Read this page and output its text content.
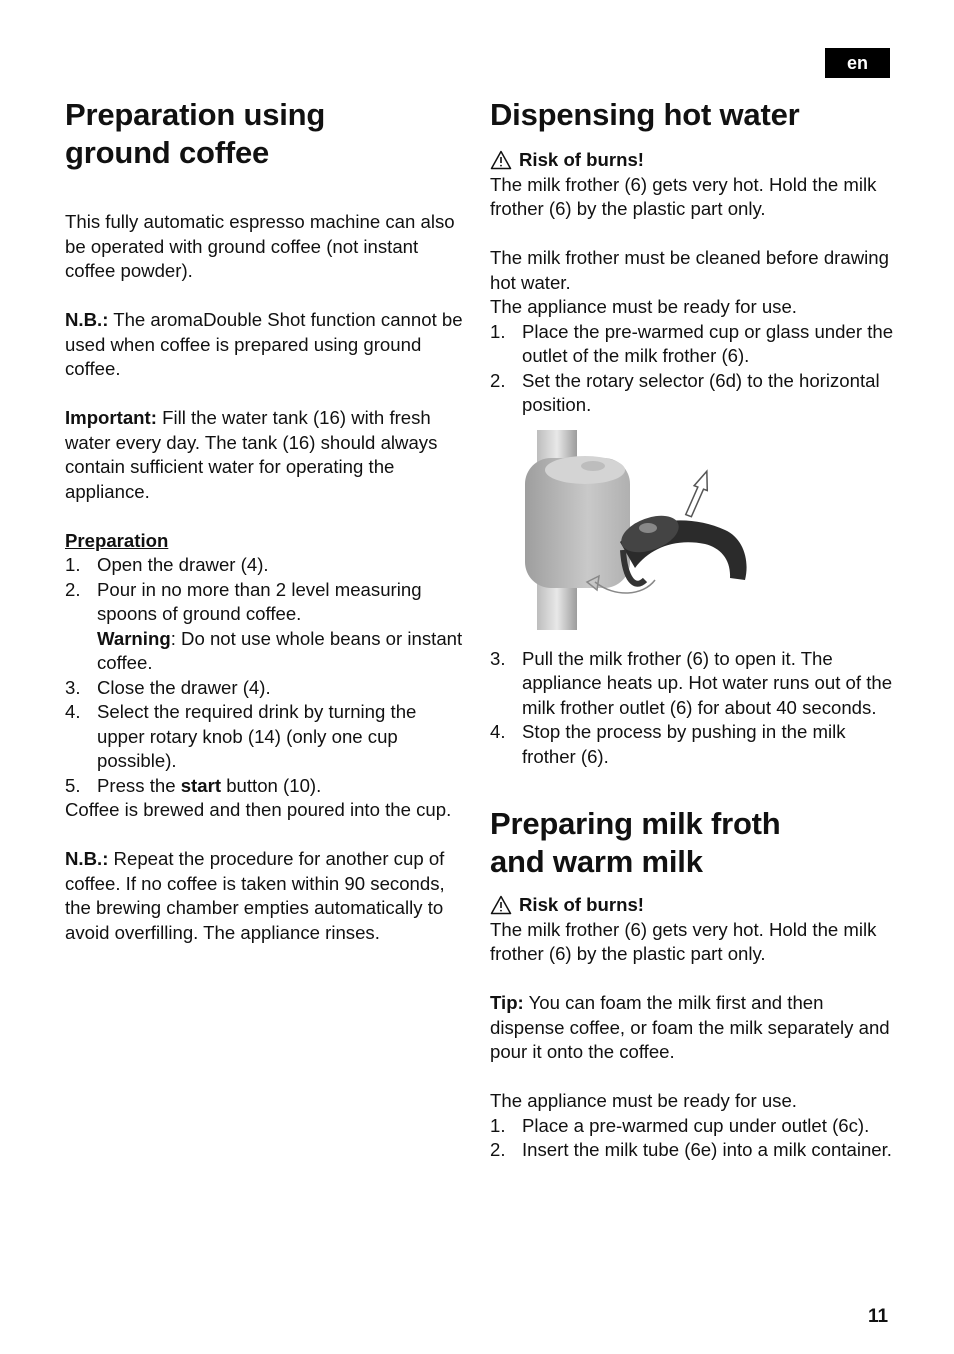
en
Preparation using
ground coffee

This fully automatic espresso machine can also be operated with ground coffee (not instant coffee powder).

N.B.: The aromaDouble Shot function cannot be used when coffee is prepared using ground coffee.

Important: Fill the water tank (16) with fresh water every day. The tank (16) should always contain sufficient water for operating the appliance.

Preparation

1. Open the drawer (4).
2. Pour in no more than 2 level measuring spoons of ground coffee.
Warning: Do not use whole beans or instant coffee.
3. Close the drawer (4).
4. Select the required drink by turning the upper rotary knob (14) (only one cup possible).
5. Press the start button (10).

Coffee is brewed and then poured into the cup.

N.B.: Repeat the procedure for another cup of coffee. If no coffee is taken within 90 seconds, the brewing chamber empties automatically to avoid overfilling. The appliance rinses.

Dispensing hot water
Risk of burns!

The milk frother (6) gets very hot. Hold the milk frother (6) by the plastic part only.

The milk frother must be cleaned before drawing hot water.

The appliance must be ready for use.

1. Place the pre-warmed cup or glass under the outlet of the milk frother (6).
2. Set the rotary selector (6d) to the horizontal position.
3. Pull the milk frother (6) to open it. The appliance heats up. Hot water runs out of the milk frother outlet (6) for about 40 seconds.
4. Stop the process by pushing in the milk frother (6).
Preparing milk froth
and warm milk
Risk of burns!

The milk frother (6) gets very hot. Hold the milk frother (6) by the plastic part only.

Tip: You can foam the milk first and then dispense coffee, or foam the milk separately and pour it onto the coffee.

The appliance must be ready for use.

1. Place a pre-warmed cup under outlet (6c).
2. Insert the milk tube (6e) into a milk container.
11
